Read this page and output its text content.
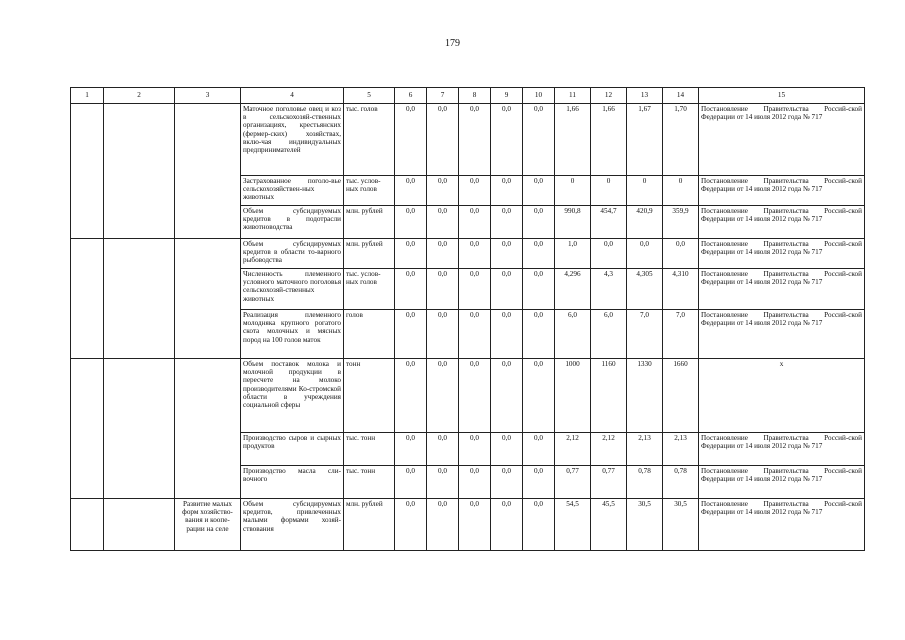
179
1	2	3	4	5	6	7	8	9	10	11	12	13	14	15
			Маточное поголовье овец и коз в сельскохозяй-ственных организациях, крестьянских (фермер-ских) хозяйствах, вклю-чая индивидуальных предпринимателей	тыс. голов	0,0	0,0	0,0	0,0	0,0	1,66	1,66	1,67	1,70	Постановление Правительства Россий-ской Федерации от 14 июля 2012 года № 717
			Застрахованное поголо-вье сельскохозяйствен-ных животных	тыс. услов-ных голов	0,0	0,0	0,0	0,0	0,0	0	0	0	0	Постановление Правительства Россий-ской Федерации от 14 июля 2012 года № 717
			Объем субсидируемых кредитов в подотрасли животноводства	млн. рублей	0,0	0,0	0,0	0,0	0,0	990,8	454,7	420,9	359,9	Постановление Правительства Россий-ской Федерации от 14 июля 2012 года № 717
			Объем субсидируемых кредитов в области то-варного рыбоводства	млн. рублей	0,0	0,0	0,0	0,0	0,0	1,0	0,0	0,0	0,0	Постановление Правительства Россий-ской Федерации от 14 июля 2012 года № 717
			Численность племенного условного маточного поголовья сельскохозяй-ственных животных	тыс. услов-ных голов	0,0	0,0	0,0	0,0	0,0	4,296	4,3	4,305	4,310	Постановление Правительства Россий-ской Федерации от 14 июля 2012 года № 717
			Реализация племенного молодняка крупного рогатого скота молочных и мясных пород на 100 голов маток	голов	0,0	0,0	0,0	0,0	0,0	6,0	6,0	7,0	7,0	Постановление Правительства Россий-ской Федерации от 14 июля 2012 года № 717
			Объем поставок молока и молочной продукции в пересчете на молоко производителями Ко-стромской области в учреждения социальной сферы	тонн	0,0	0,0	0,0	0,0	0,0	1000	1160	1330	1660	x
			Производство сыров и сырных продуктов	тыс. тонн	0,0	0,0	0,0	0,0	0,0	2,12	2,12	2,13	2,13	Постановление Правительства Россий-ской Федерации от 14 июля 2012 года № 717
			Производство масла сли-вочного	тыс. тонн	0,0	0,0	0,0	0,0	0,0	0,77	0,77	0,78	0,78	Постановление Правительства Россий-ской Федерации от 14 июля 2012 года № 717
		Развитие малых форм хозяйство-вания и коопе-рации на селе	Объем субсидируемых кредитов, привлеченных малыми формами хозяй-ствования	млн. рублей	0,0	0,0	0,0	0,0	0,0	54,5	45,5	30,5	30,5	Постановление Правительства Россий-ской Федерации от 14 июля 2012 года № 717
